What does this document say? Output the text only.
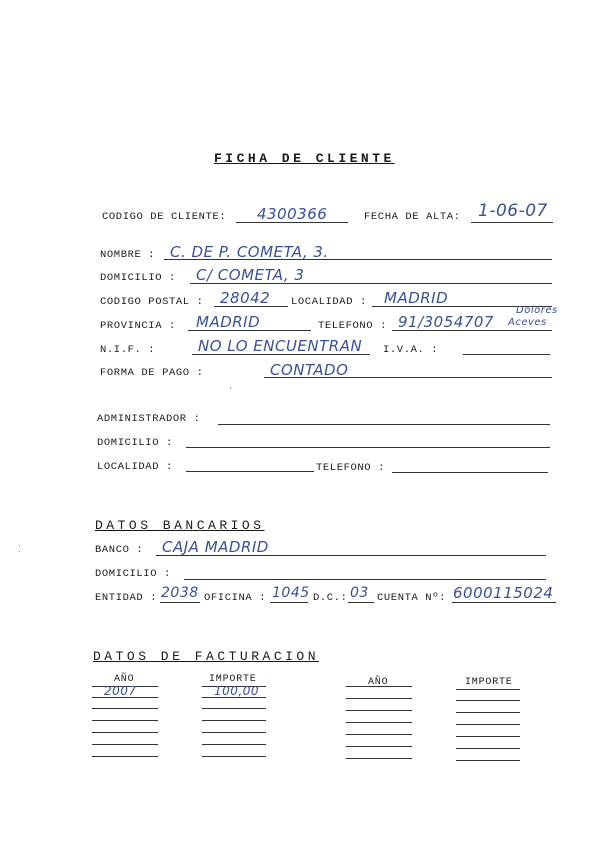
FICHA DE CLIENTE
CODIGO DE CLIENTE: 4300366	FECHA DE ALTA: 1-06-07
NOMBRE : C. DE P. COMETA, 3.
DOMICILIO : C/ COMETA, 3
CODIGO POSTAL : 28042 LOCALIDAD : MADRID
PROVINCIA : MADRID	TELEFONO : 91/3054707
Dolores
Aceves
N.I.F. :	NO LO ENCUENTRAN I.V.A. :
FORMA DE PAGO :	CONTADO
ADMINISTRADOR :
DOMICILIO :
LOCALIDAD :	TELEFONO :
DATOS BANCARIOS
BANCO : CAJA MADRID
DOMICILIO :
ENTIDAD : 2038 OFICINA : 1045 D.C.: 03 CUENTA Nº: 6000115024
DATOS DE FACTURACION
AÑO	IMPORTE	AÑO	IMPORTE
2007	100,00
⁚
·
